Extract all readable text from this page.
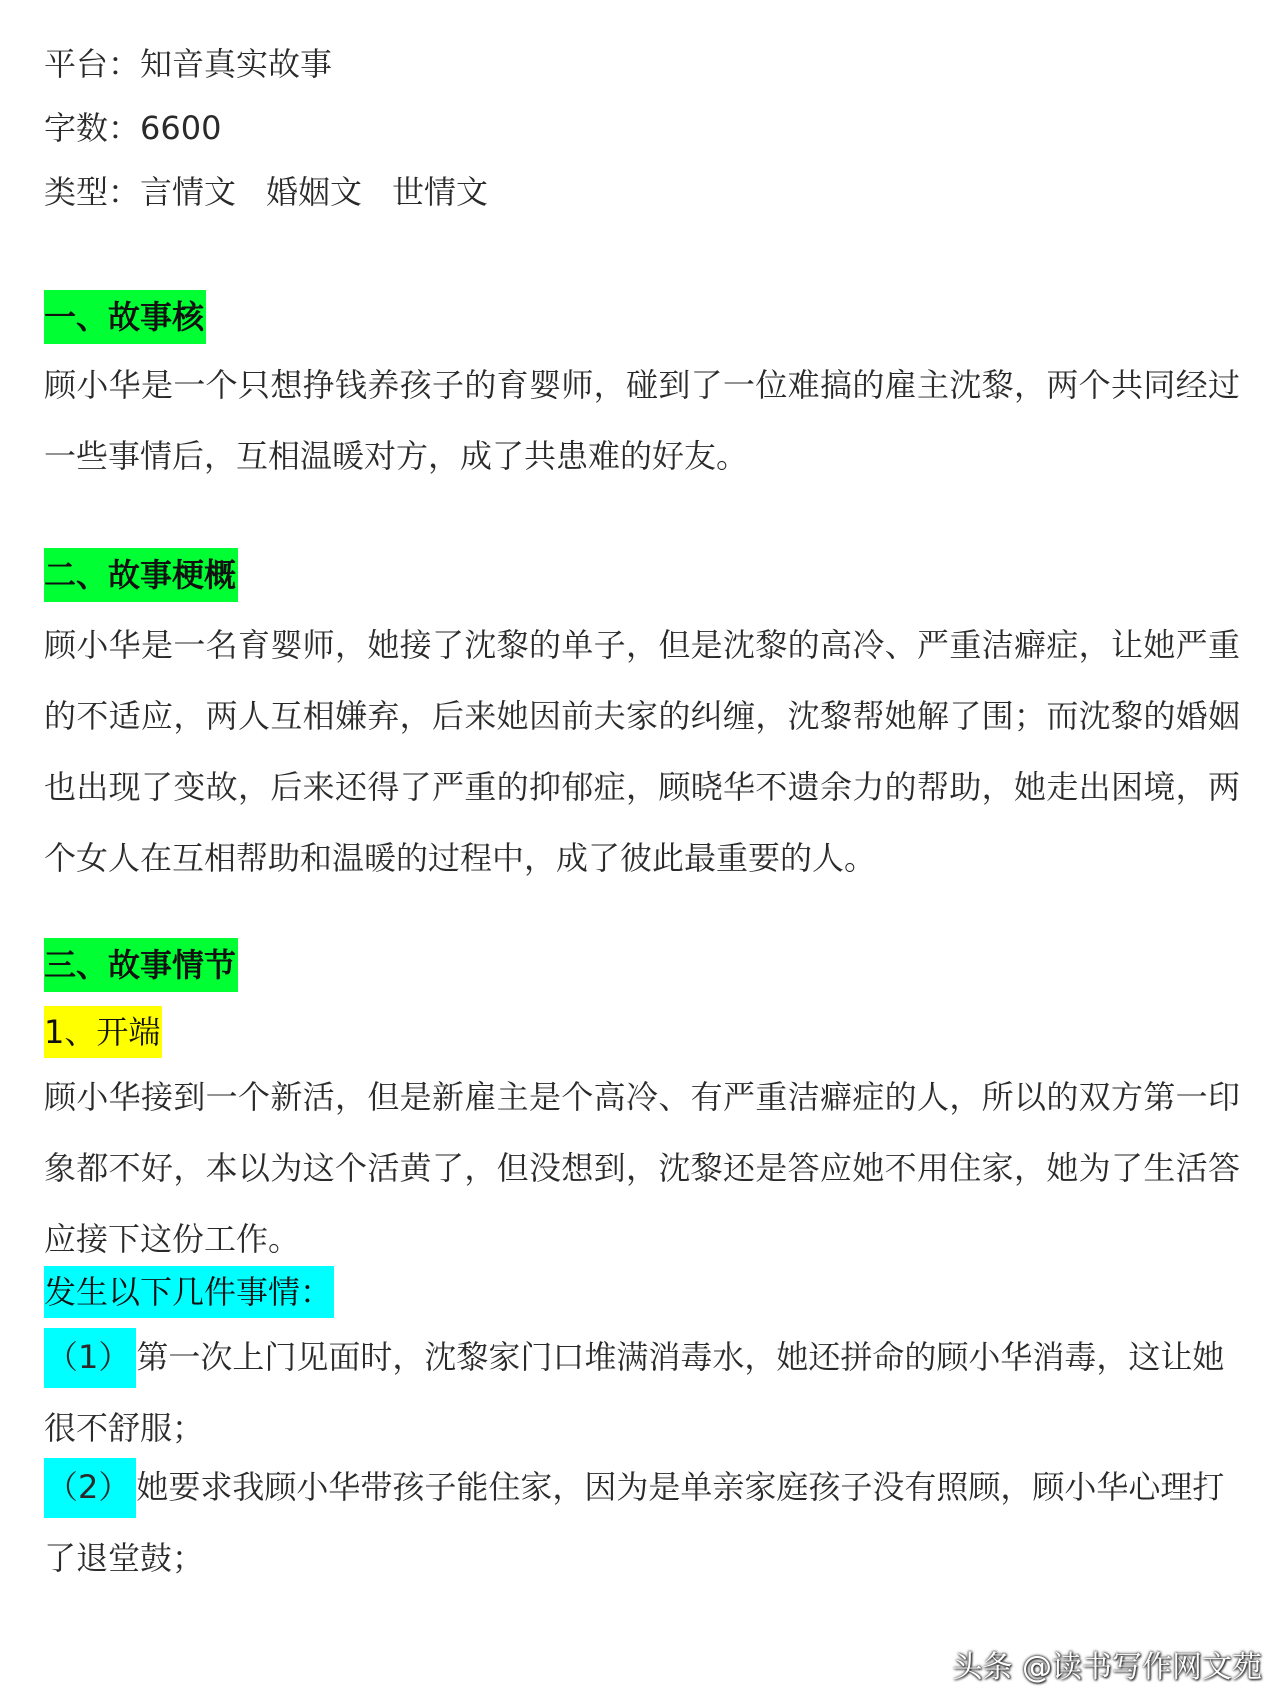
平台：知音真实故事
字数：6600
类型：言情文 婚姻文 世情文
一、故事核
顾小华是一个只想挣钱养孩子的育婴师，碰到了一位难搞的雇主沈黎，两个共同经过一些事情后，互相温暖对方，成了共患难的好友。
二、故事梗概
顾小华是一名育婴师，她接了沈黎的单子，但是沈黎的高冷、严重洁癖症，让她严重的不适应，两人互相嫌弃，后来她因前夫家的纠缠，沈黎帮她解了围；而沈黎的婚姻也出现了变故，后来还得了严重的抑郁症，顾晓华不遗余力的帮助，她走出困境，两个女人在互相帮助和温暖的过程中，成了彼此最重要的人。
三、故事情节
1、开端
顾小华接到一个新活，但是新雇主是个高冷、有严重洁癖症的人，所以的双方第一印象都不好，本以为这个活黄了，但没想到，沈黎还是答应她不用住家，她为了生活答应接下这份工作。
发生以下几件事情：
（1） 第一次上门见面时，沈黎家门口堆满消毒水，她还拼命的顾小华消毒，这让她很不舒服；
（2） 她要求我顾小华带孩子能住家，因为是单亲家庭孩子没有照顾，顾小华心理打了退堂鼓；
头条 @读书写作网文苑
